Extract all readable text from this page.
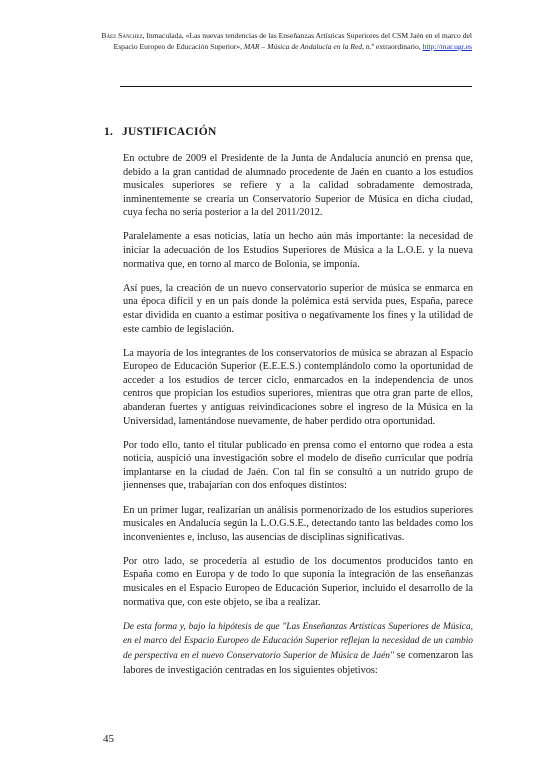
Báez Sánchez, Inmaculada, «Las nuevas tendencias de las Enseñanzas Artísticas Superiores del CSM Jaén en el marco del Espacio Europeo de Educación Superior», MAR – Música de Andalucía en la Red, n.º extraordinario, http://mar.ugr.es
1. JUSTIFICACIÓN

En octubre de 2009 el Presidente de la Junta de Andalucía anunció en prensa que, debido a la gran cantidad de alumnado procedente de Jaén en cuanto a los estudios musicales superiores se refiere y a la calidad sobradamente demostrada, inminentemente se crearía un Conservatorio Superior de Música en dicha ciudad, cuya fecha no sería posterior a la del 2011/2012.

Paralelamente a esas noticias, latía un hecho aún más importante: la necesidad de iniciar la adecuación de los Estudios Superiores de Música a la L.O.E. y la nueva normativa que, en torno al marco de Bolonia, se imponía.

Así pues, la creación de un nuevo conservatorio superior de música se enmarca en una época difícil y en un país donde la polémica está servida pues, España, parece estar dividida en cuanto a estimar positiva o negativamente los fines y la utilidad de este cambio de legislación.

La mayoría de los integrantes de los conservatorios de música se abrazan al Espacio Europeo de Educación Superior (E.E.E.S.) contemplándolo como la oportunidad de acceder a los estudios de tercer ciclo, enmarcados en la independencia de unos centros que propician los estudios superiores, mientras que otra gran parte de ellos, abanderan fuertes y antiguas reivindicaciones sobre el ingreso de la Música en la Universidad, lamentándose nuevamente, de haber perdido otra oportunidad.

Por todo ello, tanto el titular publicado en prensa como el entorno que rodea a esta noticia, auspició una investigación sobre el modelo de diseño curricular que podría implantarse en la ciudad de Jaén. Con tal fin se consultó a un nutrido grupo de jiennenses que, trabajarían con dos enfoques distintos:

En un primer lugar, realizarían un análisis pormenorizado de los estudios superiores musicales en Andalucía según la L.O.G.S.E., detectando tanto las beldades como los inconvenientes e, incluso, las ausencias de disciplinas significativas.

Por otro lado, se procedería al estudio de los documentos producidos tanto en España como en Europa y de todo lo que suponía la integración de las enseñanzas musicales en el Espacio Europeo de Educación Superior, incluido el desarrollo de la normativa que, con este objeto, se iba a realizar.

De esta forma y, bajo la hipótesis de que "Las Enseñanzas Artísticas Superiores de Música, en el marco del Espacio Europeo de Educación Superior reflejan la necesidad de un cambio de perspectiva en el nuevo Conservatorio Superior de Música de Jaén" se comenzaron las labores de investigación centradas en los siguientes objetivos:

45
